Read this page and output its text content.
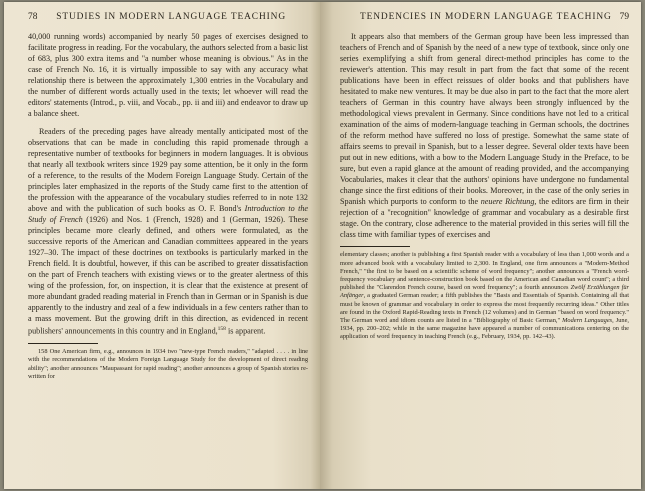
78 STUDIES IN MODERN LANGUAGE TEACHING

40,000 running words) accompanied by nearly 50 pages of exercises designed to facilitate progress in reading. For the vocabulary, the authors selected from a basic list of 683, plus 300 extra items and "a number whose meaning is obvious." As in the case of French No. 16, it is virtually impossible to say with any accuracy what relationship there is between the approximately 1,300 entries in the Vocabulary and the number of different words actually used in the texts; let whoever will read the editors' statements (Introd., p. viii, and Vocab., pp. ii and iii) and endeavor to draw up a balance sheet.

Readers of the preceding pages have already mentally anticipated most of the observations that can be made in concluding this rapid promenade through a representative number of textbooks for beginners in modern languages. It is obvious that nearly all textbook writers since 1929 pay some attention, be it only in the form of a reference, to the results of the Modern Foreign Language Study. Certain of the principles later emphasized in the reports of the Study came first to the attention of the profession with the appearance of the vocabulary studies referred to in note 132 above and with the publication of such books as O. F. Bond's Introduction to the Study of French (1926) and Nos. 1 (French, 1928) and 1 (German, 1926). These principles became more clearly defined, and others were formulated, as the successive reports of the American and Canadian committees appeared in the years 1927–30. The impact of these doctrines on textbooks is particularly marked in the French field. It is doubtful, however, if this can be ascribed to greater dissatisfaction on the part of French teachers with existing views or to the greater alertness of this wing of the profession, for, on inspection, it is clear that the existence at present of more abundant graded reading material in French than in German or in Spanish is due apparently to the industry and zeal of a few individuals in a few centers rather than to a mass movement. But the growing drift in this direction, as evidenced in recent publishers' announcements in this country and in England,$^{158}$ is apparent.

158 One American firm, e.g., announces in 1934 two "new-type French readers," "adapted . . . . in line with the recommendations of the Modern Foreign Language Study for the development of direct reading ability"; another announces "Maupassant for rapid reading"; another announces a group of Spanish stories re-written for

TENDENCIES IN MODERN LANGUAGE TEACHING 79

It appears also that members of the German group have been less impressed than teachers of French and of Spanish by the need of a new type of textbook, since only one series exemplifying a shift from general direct-method principles has come to the reviewer's attention. This may result in part from the fact that some of the recent publications have been in effect reissues of older books and that publishers have hesitated to make new ventures. It may be due also in part to the fact that the more alert teachers of German in this country have always been strongly influenced by the methodological views prevalent in Germany. Since conditions have not led to a critical examination of the aims of modern-language teaching in German schools, the doctrines of the reform method have suffered no loss of prestige. Somewhat the same state of affairs seems to prevail in Spanish, but to a lesser degree. Several older texts have been put out in new editions, with a bow to the Modern Language Study in the Preface, to be sure, but even a rapid glance at the amount of reading provided, and the accompanying Vocabularies, makes it clear that the authors' opinions have undergone no fundamental change since the first editions of their books. Moreover, in the case of the only series in Spanish which purports to conform to the neuere Richtung, the editors are firm in their rejection of a "recognition" knowledge of grammar and vocabulary as a desirable first stage. On the contrary, close adherence to the material provided in this series will fill the class time with familiar types of exercises and

elementary classes; another is publishing a first Spanish reader with a vocabulary of less than 1,000 words and a more advanced book with a vocabulary limited to 2,300. In England, one firm announces a "Modern-Method French," "the first to be based on a scientific scheme of word frequency"; another announces a "French word-frequency vocabulary and sentence-construction book based on the American and Canadian word count"; a third published the "Clarendon French course, based on word frequency"; a fourth announces Zwölf Erzählungen für Anfänger, a graduated German reader; a fifth publishes the "Basis and Essentials of Spanish. Containing all that must be known of grammar and vocabulary in order to express the most frequently recurring ideas." Other titles are found in the Oxford Rapid-Reading texts in French (12 volumes) and in German "based on word frequency." The German word and idiom counts are listed in a "Bibliography of Basic German," Modern Languages, June, 1934, pp. 200–202; while in the same magazine have appeared a number of communications centering on the application of word frequency in teaching French (e.g., February, 1934, pp. 142–43).
